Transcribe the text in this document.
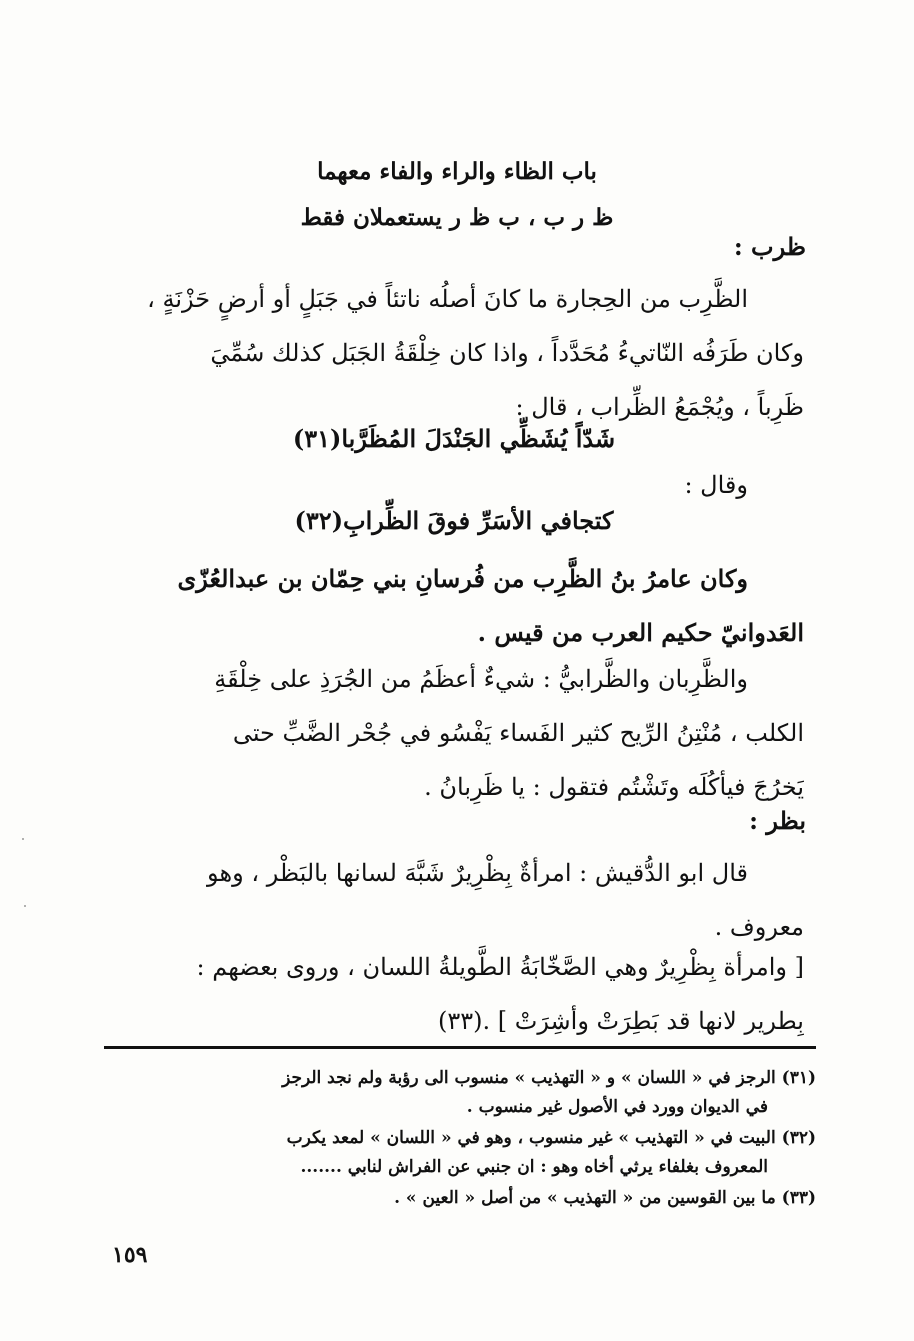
باب الظاء والراء والفاء معهما
ظ ر ب ، ب ظ ر يستعملان فقط
ظرب :
الظَّرِب من الحِجارة ما كانَ أصلُه ناتئاً في جَبَلٍ أو أرضٍ حَزْنَةٍ ،
وكان طَرَفُه النّاتيءُ مُحَدَّداً ، واذا كان خِلْقَةُ الجَبَل كذلك سُمِّيَ
ظَرِباً ، ويُجْمَعُ الظِّراب ، قال :
شَدّاً يُشَظِّي الجَنْدَلَ المُظَرَّبا(٣١)
وقال :
كتجافي الأسَرِّ فوقَ الظِّرابِ(٣٢)
وكان عامرُ بنُ الظَّرِب من فُرسانِ بني حِمّان بن عبدالعُزّى
العَدوانيّ حكيم العرب من قيس .
والظَّرِبان والظَّرابيُّ : شيءٌ أعظَمُ من الجُرَذِ على خِلْقَةِ
الكلب ، مُنْتِنُ الرِّيح كثير الفَساء يَفْسُو في جُحْر الضَّبِّ حتى
يَخرُجَ فيأكُلَه وتَشْتُم فتقول : يا ظَرِبانُ .
بظر :
قال ابو الدُّقيش : امرأةٌ بِظْرِيرٌ شَبَّهَ لسانها بالبَظْر ، وهو
معروف .
[ وامرأة بِظْرِيرٌ وهي الصَّخّابَةُ الطَّويلةُ اللسان ، وروى بعضهم :
بِطرير لانها قد بَطِرَتْ وأشِرَتْ ] .(٣٣)
(٣١) الرجز في « اللسان » و « التهذيب » منسوب الى رؤبة ولم نجد الرجز
في الديوان وورد في الأصول غير منسوب .
(٣٢) البيت في « التهذيب » غير منسوب ، وهو في « اللسان » لمعد يكرب
المعروف بغلفاء يرثي أخاه وهو : ان جنبي عن الفراش لنابي .......
(٣٣) ما بين القوسين من « التهذيب » من أصل « العين » .
١٥٩
